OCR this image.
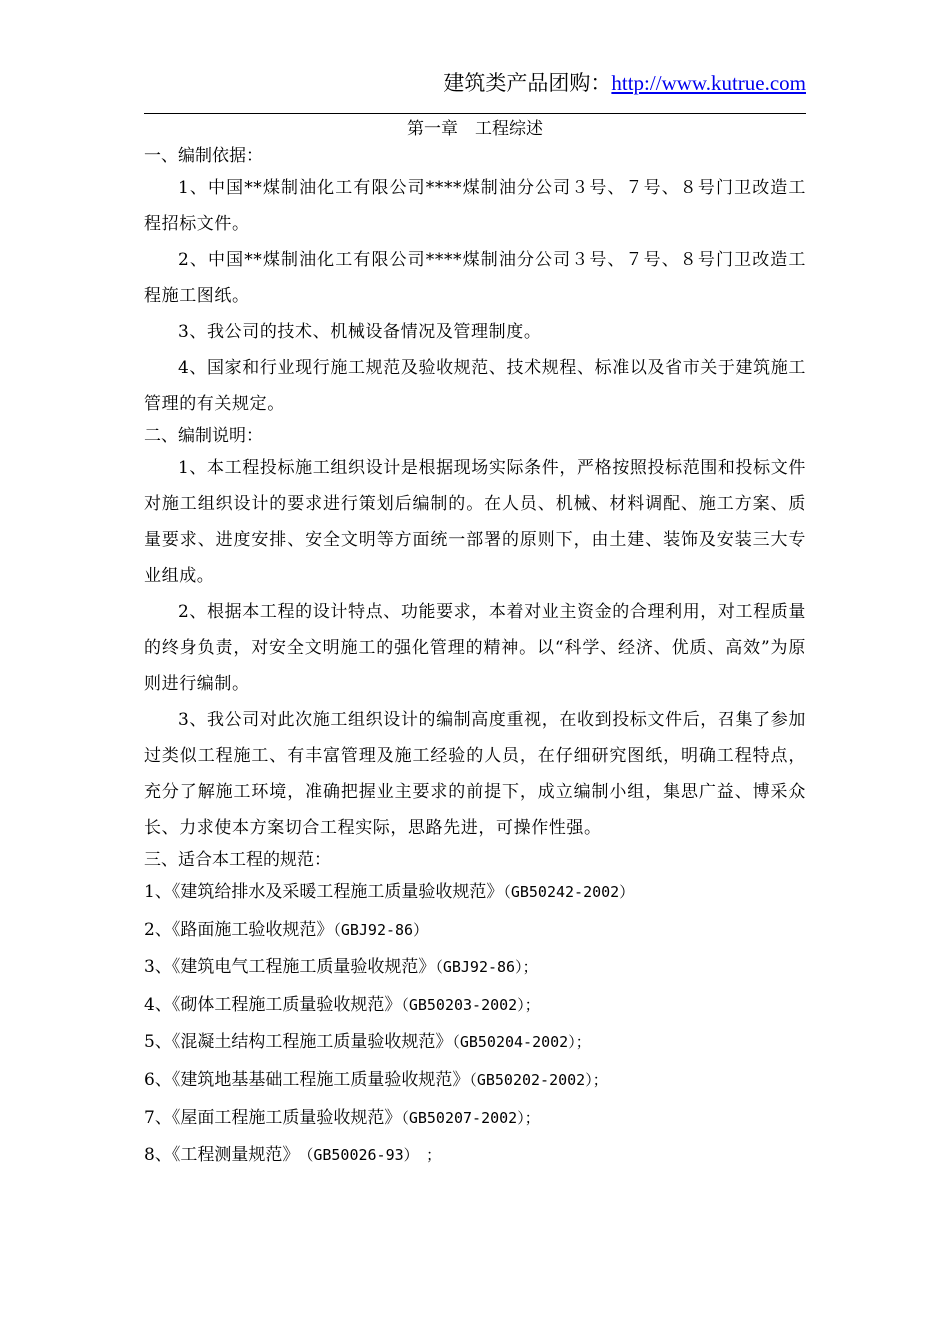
建筑类产品团购：http://www.kutrue.com
第一章　工程综述

一、编制依据：

1、中国**煤制油化工有限公司****煤制油分公司３号、７号、８号门卫改造工程招标文件。

2、中国**煤制油化工有限公司****煤制油分公司３号、７号、８号门卫改造工程施工图纸。

3、我公司的技术、机械设备情况及管理制度。

4、国家和行业现行施工规范及验收规范、技术规程、标准以及省市关于建筑施工管理的有关规定。

二、编制说明：

1、本工程投标施工组织设计是根据现场实际条件，严格按照投标范围和投标文件对施工组织设计的要求进行策划后编制的。在人员、机械、材料调配、施工方案、质量要求、进度安排、安全文明等方面统一部署的原则下，由土建、装饰及安装三大专业组成。

2、根据本工程的设计特点、功能要求，本着对业主资金的合理利用，对工程质量的终身负责，对安全文明施工的强化管理的精神。以“科学、经济、优质、高效”为原则进行编制。

3、我公司对此次施工组织设计的编制高度重视，在收到投标文件后，召集了参加过类似工程施工、有丰富管理及施工经验的人员，在仔细研究图纸，明确工程特点，充分了解施工环境，准确把握业主要求的前提下，成立编制小组，集思广益、博采众长、力求使本方案切合工程实际，思路先进，可操作性强。

三、适合本工程的规范：

1、《建筑给排水及采暖工程施工质量验收规范》（GB50242-2002）

2、《路面施工验收规范》（GBJ92-86）

3、《建筑电气工程施工质量验收规范》（GBJ92-86）；

4、《砌体工程施工质量验收规范》（GB50203-2002）；

5、《混凝土结构工程施工质量验收规范》（GB50204-2002）；

6、《建筑地基基础工程施工质量验收规范》（GB50202-2002）；

7、《屋面工程施工质量验收规范》（GB50207-2002）；

8、《工程测量规范》　（GB50026-93）　；
